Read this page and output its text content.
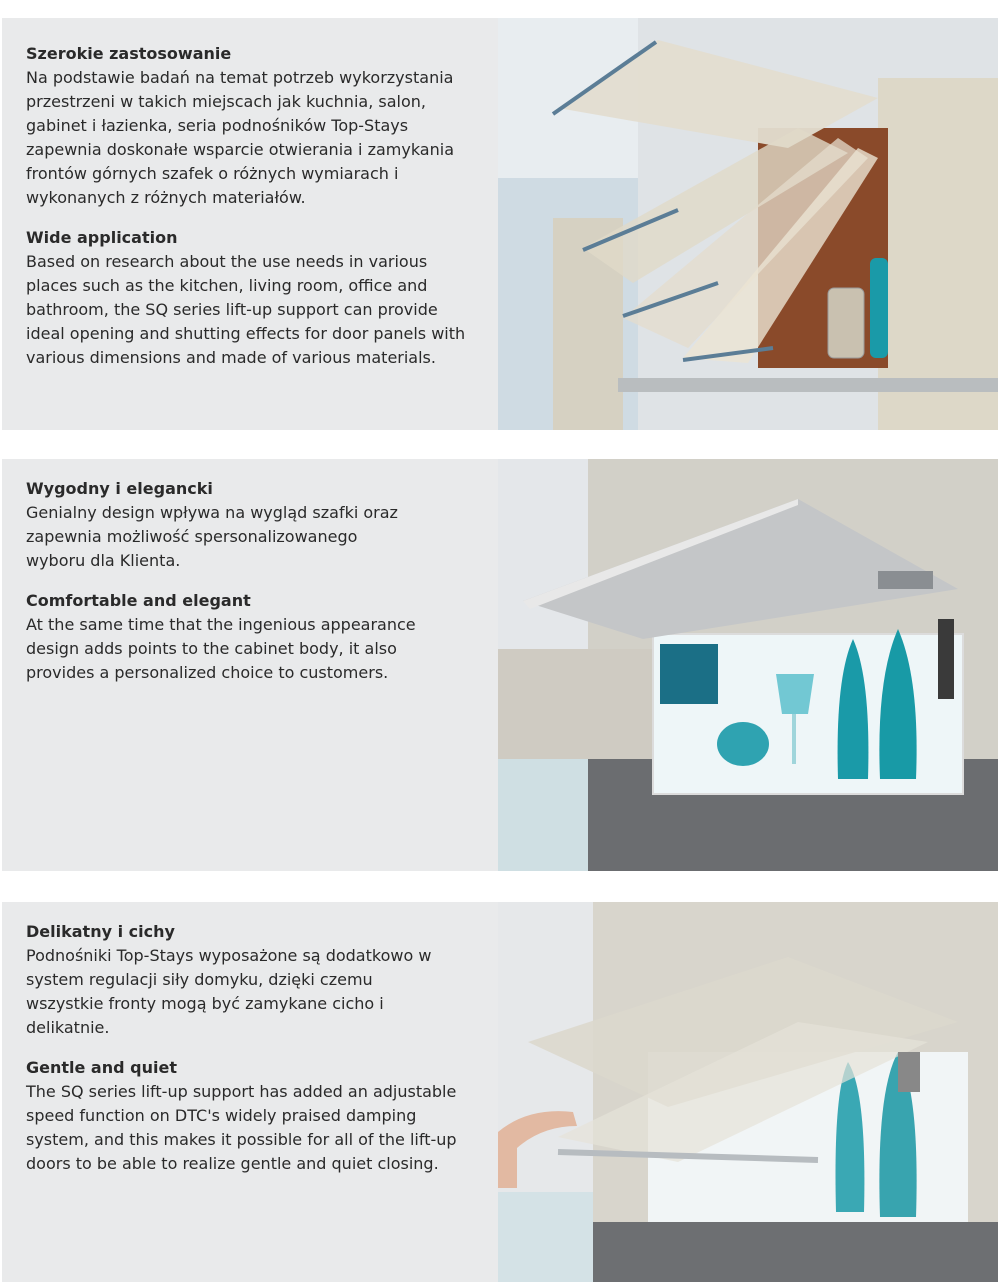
Szerokie zastosowanie

Na podstawie badań na temat potrzeb wykorzystania przestrzeni w takich miejscach jak kuchnia, salon, gabinet i łazienka, seria podnośników Top-Stays zapewnia doskonałe wsparcie otwierania i zamykania frontów górnych szafek o różnych wymiarach i wykonanych z różnych materiałów.

Wide application

Based on research about the use needs in various places such as the kitchen, living room, office and bathroom, the SQ series lift-up support can provide ideal opening and shutting effects for door panels with various dimensions and made of various materials.

Wygodny i elegancki

Genialny design wpływa na wygląd szafki oraz zapewnia możliwość spersonalizowanego wyboru dla Klienta.

Comfortable and elegant

At the same time that the ingenious appearance design adds points to the cabinet body, it also provides a personalized choice to customers.

Delikatny i cichy

Podnośniki Top-Stays wyposażone są dodatkowo w system regulacji siły domyku, dzięki czemu wszystkie fronty mogą być zamykane cicho i delikatnie.

Gentle and quiet

The SQ series lift-up support has added an adjustable speed function on DTC's widely praised damping system, and this makes it possible for all of the lift-up doors to be able to realize gentle and quiet closing.
